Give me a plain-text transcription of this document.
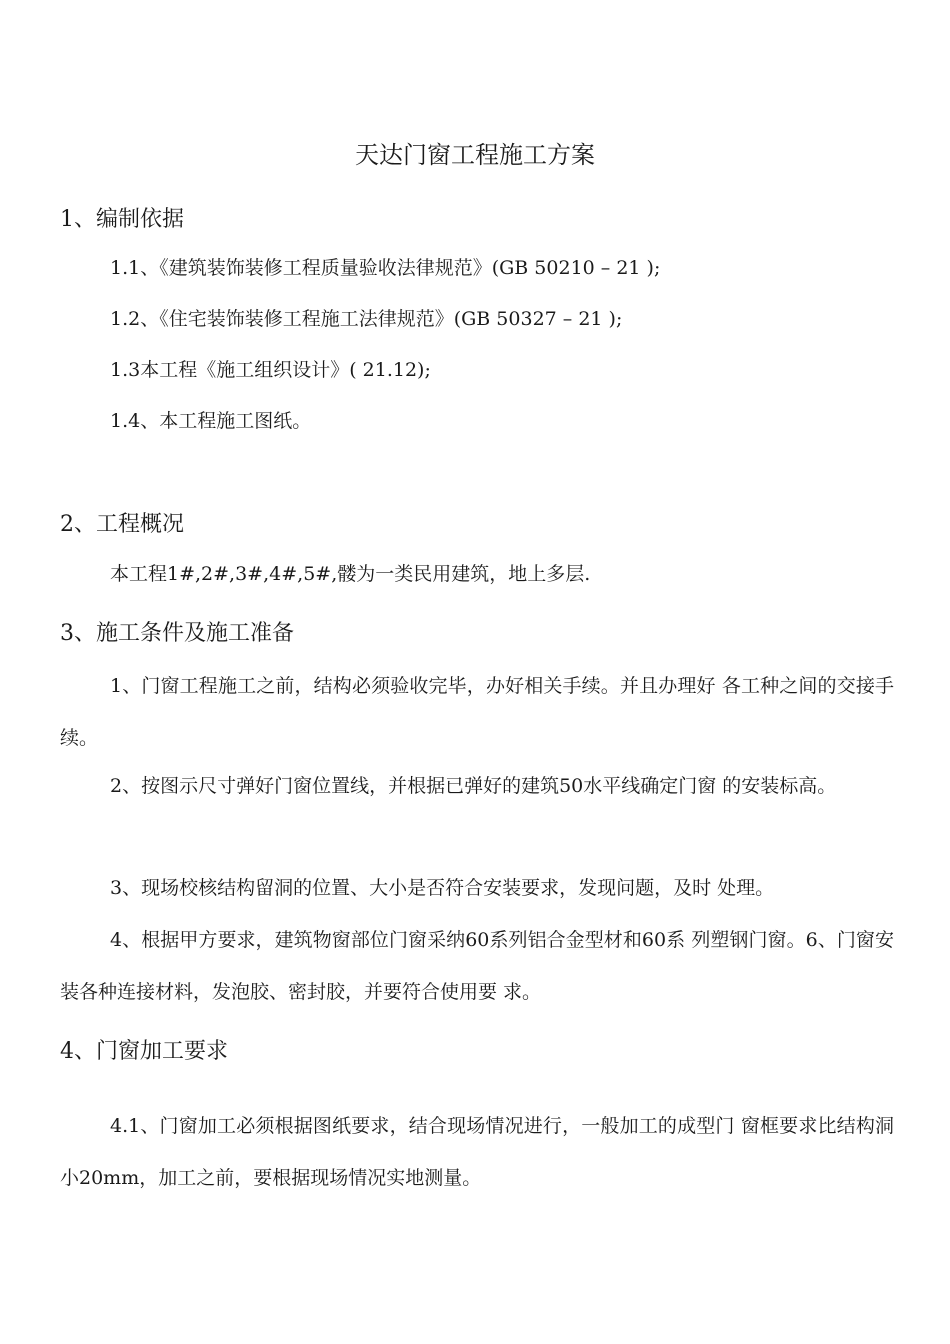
天达门窗工程施工方案
1、编制依据
1.1、《建筑装饰装修工程质量验收法律规范》(GB 50210 – 21 );
1.2、《住宅装饰装修工程施工法律规范》(GB 50327 – 21 );
1.3本工程《施工组织设计》( 21.12);
1.4、本工程施工图纸。
2、工程概况
本工程1#,2#,3#,4#,5#,髅为一类民用建筑，地上多层.
3、施工条件及施工准备

1、门窗工程施工之前，结构必须验收完毕，办好相关手续。并且办理好 各工种之间的交接手续。

2、按图示尺寸弹好门窗位置线，并根据已弹好的建筑50水平线确定门窗 的安装标高。

3、现场校核结构留洞的位置、大小是否符合安装要求，发现问题，及时 处理。

4、根据甲方要求，建筑物窗部位门窗采纳60系列铝合金型材和60系 列塑钢门窗。6、门窗安装各种连接材料，发泡胶、密封胶，并要符合使用要 求。

4、门窗加工要求

4.1、门窗加工必须根据图纸要求，结合现场情况进行，一般加工的成型门 窗框要求比结构洞小20mm，加工之前，要根据现场情况实地测量。
